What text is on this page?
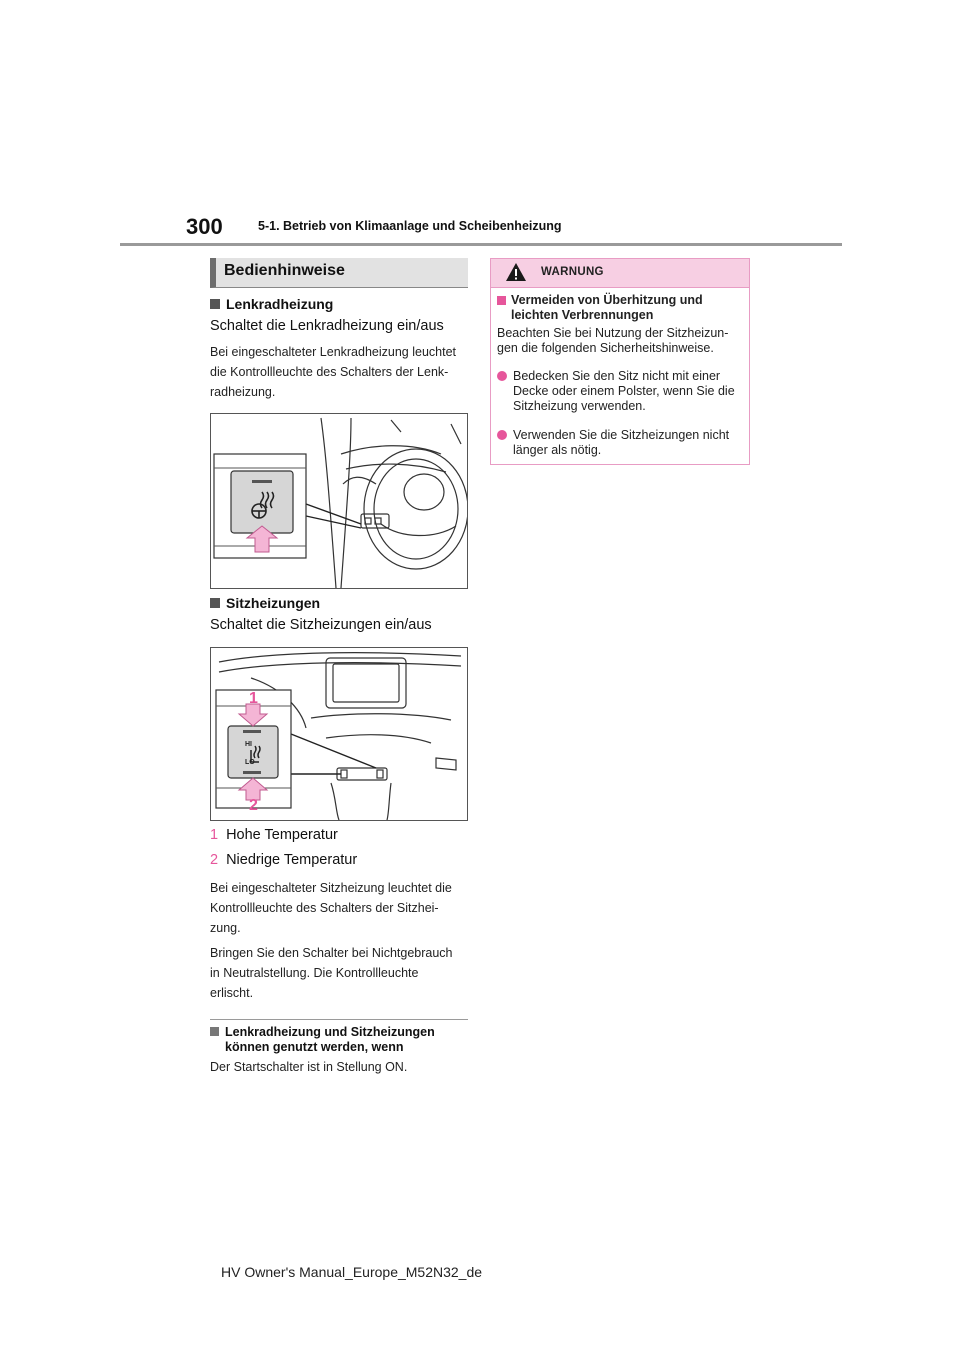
300	5-1. Betrieb von Klimaanlage und Scheibenheizung
Bedienhinweise
Lenkradheizung
Schaltet die Lenkradheizung ein/aus
Bei eingeschalteter Lenkradheizung leuchtet
die Kontrollleuchte des Schalters der Lenk-
radheizung.
Sitzheizungen
Schaltet die Sitzheizungen ein/aus
1
2
HI
LO
1 Hohe Temperatur
2 Niedrige Temperatur
Bei eingeschalteter Sitzheizung leuchtet die
Kontrollleuchte des Schalters der Sitzhei-
zung.
Bringen Sie den Schalter bei Nichtgebrauch
in Neutralstellung. Die Kontrollleuchte
erlischt.
Lenkradheizung und Sitzheizungen
können genutzt werden, wenn
Der Startschalter ist in Stellung ON.
WARNUNG
Vermeiden von Überhitzung und
leichten Verbrennungen
Beachten Sie bei Nutzung der Sitzheizun-
gen die folgenden Sicherheitshinweise.
Bedecken Sie den Sitz nicht mit einer
Decke oder einem Polster, wenn Sie die
Sitzheizung verwenden.
Verwenden Sie die Sitzheizungen nicht
länger als nötig.
HV Owner's Manual_Europe_M52N32_de
